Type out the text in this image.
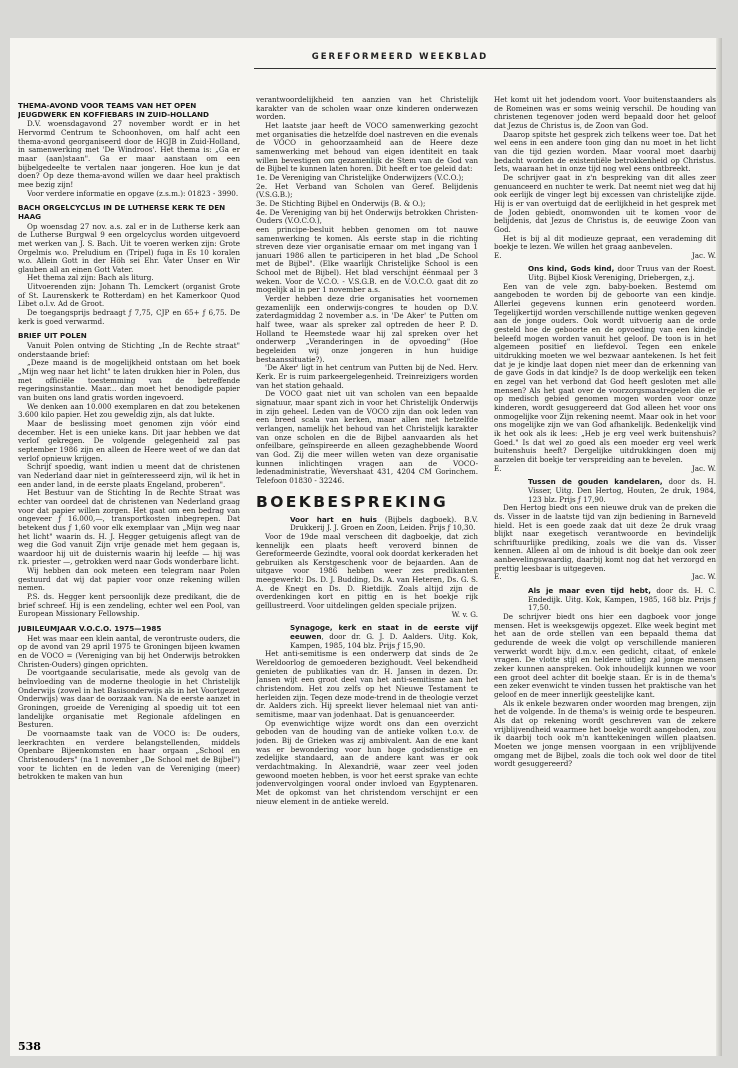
GEREFORMEERD WEEKBLAD
THEMA-AVOND VOOR TEAMS VAN HET OPEN JEUGDWERK EN KOFFIEBARS IN ZUID-HOLLAND

D.V. woensdagavond 27 november wordt er in het Hervormd Centrum te Schoonhoven, om half acht een thema-avond georganiseerd door de HGJB in Zuid-Holland, in samenwerking met 'De Windroos'. Het thema is: „Ga er maar (aan)staan". Ga er maar aanstaan om een bijbelgedeelte te vertalen naar jongeren. Hoe kun je dat doen? Op deze thema-avond willen we daar heel praktisch mee bezig zijn!

Voor verdere informatie en opgave (z.s.m.): 01823 - 3990.

BACH ORGELCYCLUS IN DE LUTHERSE KERK TE DEN HAAG

Op woensdag 27 nov. a.s. zal er in de Lutherse kerk aan de Lutherse Burgwal 9 een orgelcyclus worden uitgevoerd met werken van J. S. Bach. Uit te voeren werken zijn: Grote Orgelmis w.o. Preludium en (Tripel) fuga in Es 10 koralen w.o. Allein Gott in der Höh sei Ehr. Vater Unser en Wir glauben all an einen Gott Vater.

Het thema zal zijn: Bach als liturg.

Uitvoerenden zijn: Johann Th. Lemckert (organist Grote of St. Laurenskerk te Rotterdam) en het Kamerkoor Quod Libet o.l.v. Ad de Groot.

De toegangsprijs bedraagt ƒ 7,75, CJP en 65+ ƒ 6,75. De kerk is goed verwarmd.

BRIEF UIT POLEN

Vanuit Polen ontving de Stichting „In de Rechte straat" onderstaande brief:

„Deze maand is de mogelijkheid ontstaan om het boek „Mijn weg naar het licht" te laten drukken hier in Polen, dus met officiële toestemming van de betreffende regeringsinstantie. Maar... dan moet het benodigde papier van buiten ons land gratis worden ingevoerd.

We denken aan 10.000 exemplaren en dat zou betekenen 3.600 kilo papier. Het zou geweldig zijn, als dat lukte.

Maar de beslissing moet genomen zijn vóór eind december. Het is een unieke kans. Dit jaar hebben we dat verlof gekregen. De volgende gelegenheid zal pas september 1986 zijn en alleen de Heere weet of we dan dat verlof opnieuw krijgen.

Schrijf spoedig, want indien u meent dat de christenen van Nederland daar niet in geïnteresseerd zijn, wil ik het in een ander land, in de eerste plaats Engeland, proberen".

Het Bestuur van de Stichting In de Rechte Straat was echter van oordeel dat de christenen van Nederland graag voor dat papier willen zorgen. Het gaat om een bedrag van ongeveer ƒ 16.000,—, transportkosten inbegrepen. Dat betekent dus ƒ 1,60 voor elk exemplaar van „Mijn weg naar het licht" waarin ds. H. J. Hegger getuigenis aflegt van de weg die God vanuit Zijn vrije genade met hem gegaan is, waardoor hij uit de duisternis waarin hij leefde — hij was r.k. priester —, getrokken werd naar Gods wonderbare licht.

Wij hebben dan ook meteen een telegram naar Polen gestuurd dat wij dat papier voor onze rekening willen nemen.

P.S. ds. Hegger kent persoonlijk deze predikant, die de brief schreef. Hij is een zendeling, echter wel een Pool, van European Missionary Fellowship.

JUBILEUMJAAR V.O.C.O. 1975—1985

Het was maar een klein aantal, de verontruste ouders, die op de avond van 29 april 1975 te Groningen bijeen kwamen en de VOCO = (Vereniging van bij het Onderwijs betrokken Christen-Ouders) gingen oprichten.

De voortgaande secularisatie, mede als gevolg van de beïnvloeding van de moderne theologie in het Christelijk Onderwijs (zowel in het Basisonderwijs als in het Voortgezet Onderwijs) was daar de oorzaak van. Na de eerste aanzet in Groningen, groeide de Vereniging al spoedig uit tot een landelijke organisatie met Regionale afdelingen en Besturen.

De voornaamste taak van de VOCO is: De ouders, leerkrachten en verdere belangstellenden, middels Openbare Bijeenkomsten en haar orgaan „School en Christenouders" (na 1 november „De School met de Bijbel") voor te lichten en de leden van de Vereniging (meer) betrokken te maken van hun

verantwoordelijkheid ten aanzien van het Christelijk karakter van de scholen waar onze kinderen onderwezen worden.

Het laatste jaar heeft de VOCO samenwerking gezocht met organisaties die hetzelfde doel nastreven en die evenals de VOCO in gehoorzaamheid aan de Heere deze samenwerking met behoud van eigen identiteit en taak willen bevestigen om gezamenlijk de Stem van de God van de Bijbel te kunnen laten horen. Dit heeft er toe geleid dat:

1e. De Vereniging van Christelijke Onderwijzers (V.C.O.);
2e. Het Verband van Scholen van Geref. Belijdenis (V.S.G.B.);
3e. De Stichting Bijbel en Onderwijs (B. & O.);
4e. De Vereniging van bij het Onderwijs betrokken Christen-Ouders (V.O.C.O.),

een principe-besluit hebben genomen om tot nauwe samenwerking te komen. Als eerste stap in die richting streven deze vier organisatie ernaar om met ingang van 1 januari 1986 allen te participeren in het blad „De School met de Bijbel". (Elke waarlijk Christelijke School is een School met de Bijbel). Het blad verschijnt éénmaal per 3 weken. Voor de V.C.O. - V.S.G.B. en de V.O.C.O. gaat dit zo mogelijk al in per 1 november a.s.

Verder hebben deze drie organisaties het voornemen gezamenlijk een onderwijs-congres te houden op D.V. zaterdagmiddag 2 november a.s. in 'De Aker' te Putten om half twee, waar als spreker zal optreden de heer P. D. Holland te Heemstede waar hij zal spreken over het onderwerp „Veranderingen in de opvoeding" (Hoe begeleiden wij onze jongeren in hun huidige bestaanssituatie?).

'De Aker' ligt in het centrum van Putten bij de Ned. Herv. Kerk. Er is ruim parkeergelegenheid. Treinreizigers worden van het station gehaald.

De VOCO gaat niet uit van scholen van een bepaalde signatuur, maar spant zich in voor het Christelijk Onderwijs in zijn geheel. Leden van de VOCO zijn dan ook leden van een breed scala van kerken, maar allen met hetzelfde verlangen, namelijk het behoud van het Christelijk karakter van onze scholen en die de Bijbel aanvaarden als het onfeilbare, geïnspireerde en alleen gezaghebbende Woord van God. Zij die meer willen weten van deze organisatie kunnen inlichtingen vragen aan de VOCO-ledenadministratie, Wevershaat 431, 4204 CM Gorinchem. Telefoon 01830 - 32246.

BOEKBESPREKING

Voor hart en huis (Bijbels dagboek). B.V. Drukkerij J. J. Groen en Zoon, Leiden. Prijs ƒ 10,30.

Voor de 19de maal verscheen dit dagboekje, dat zich kennelijk een plaats heeft veroverd binnen de Gereformeerde Gezindte, vooral ook doordat kerkeraden het gebruiken als Kerstgeschenk voor de bejaarden. Aan de uitgave voor 1986 hebben weer zes predikanten meegewerkt: Ds. D. J. Budding, Ds. A. van Heteren, Ds. G. S. A. de Knegt en Ds. D. Rietdijk. Zoals altijd zijn de overdenkingen kort en pittig en is het boekje rijk geïllustreerd. Voor uitdelingen gelden speciale prijzen.

W. v. G.

Synagoge, kerk en staat in de eerste vijf eeuwen, door dr. G. J. D. Aalders. Uitg. Kok, Kampen, 1985, 104 blz. Prijs ƒ 15,90.

Het anti-semitisme is een onderwerp dat sinds de 2e Wereldoorlog de gemoederen bezighoudt. Veel bekendheid genieten de publikaties van dr. H. Jansen in dezen. Dr. Jansen wijt een groot deel van het anti-semitisme aan het christendom. Het zou zelfs op het Nieuwe Testament te herleiden zijn. Tegen deze mode-trend in de theologie verzet dr. Aalders zich. Hij spreekt liever helemaal niet van anti-semitisme, maar van jodenhaat. Dat is genuanceerder.

Op evenwichtige wijze wordt ons dan een overzicht geboden van de houding van de antieke volken t.o.v. de joden. Bij de Grieken was zij ambivalent. Aan de ene kant was er bewondering voor hun hoge godsdienstige en zedelijke standaard, aan de andere kant was er ook verdachtmaking. In Alexandrië, waar zeer veel joden gewoond moeten hebben, is voor het eerst sprake van echte jodenvervolgingen vooral onder invloed van Egyptenaren. Met de opkomst van het christendom verschijnt er een nieuw element in de antieke wereld.

Het komt uit het jodendom voort. Voor buitenstaanders als de Romeinen was er soms weinig verschil. De houding van christenen tegenover joden werd bepaald door het geloof dat Jezus de Christus is, de Zoon van God.

Daarop spitste het gesprek zich telkens weer toe. Dat het wel eens in een andere toon ging dan nu moet in het licht van die tijd gezien worden. Maar vooral moet daarbij bedacht worden de existentiële betrokkenheid op Christus. Iets, waaraan het in onze tijd nog wel eens ontbreekt.

De schrijver gaat in z'n bespreking van dit alles zeer genuanceerd en nuchter te werk. Dat neemt niet weg dat hij ook eerlijk de vinger legt bij excessen van christelijke zijde. Hij is er van overtuigd dat de eerlijkheid in het gesprek met de Joden gebiedt, onomwonden uit te komen voor de belijdenis, dat Jezus de Christus is, de eeuwige Zoon van God.

Het is bij al dit modieuze gepraat, een verademing dit boekje te lezen. We willen het graag aanbevelen.

E.	Jac. W.

Ons kind, Gods kind, door Truus van der Roest. Uitg. Bijbel Kiosk Vereniging, Driebergen, z.j.

Een van de vele zgn. baby-boeken. Bestemd om aangeboden te worden bij de geboorte van een kindje. Allerlei gegevens kunnen erin genoteerd worden. Tegelijkertijd worden verschillende nuttige wenken gegeven aan de jonge ouders. Ook wordt uitvoerig aan de orde gesteld hoe de geboorte en de opvoeding van een kindje beleefd mogen worden vanuit het geloof. De toon is in het algemeen positief en liefdevol. Tegen een enkele uitdrukking moeten we wel bezwaar aantekenen. Is het feit dat je je kindje laat dopen niet meer dan de erkenning van de gave Gods in dat kindje? Is de doop werkelijk een teken en zegel van het verbond dat God heeft gesloten met alle mensen? Als het gaat over de voorzorgsmaatregelen die er op medisch gebied genomen mogen worden voor onze kinderen, wordt gesuggereerd dat God alleen het voor ons onmogelijke voor Zijn rekening neemt. Maar ook in het voor ons mogelijke zijn we van God afhankelijk. Bedenkelijk vind ik het ook als ik lees: „Heb je erg veel werk buitenshuis? Goed." Is dat wel zo goed als een moeder erg veel werk buitenshuis heeft? Dergelijke uitdrukkingen doen mij aarzelen dit boekje ter verspreiding aan te bevelen.

E.	Jac. W.

Tussen de gouden kandelaren, door ds. H. Visser, Uitg. Den Hertog, Houten, 2e druk, 1984, 123 blz. Prijs ƒ 17,90.

Den Hertog biedt ons een nieuwe druk van de preken die ds. Visser in de laatste tijd van zijn bediening in Barneveld hield. Het is een goede zaak dat uit deze 2e druk vraag blijkt naar exegetisch verantwoorde en bevindelijk schriftuurlijke prediking, zoals we die van ds. Visser kennen. Alleen al om de inhoud is dit boekje dan ook zeer aanbevelingswaardig, daarbij komt nog dat het verzorgd en prettig leesbaar is uitgegeven.

E.	Jac. W.

Als je maar even tijd hebt, door ds. H. C. Endedijk. Uitg. Kok, Kampen, 1985, 168 blz. Prijs ƒ 17,50.

De schrijver biedt ons hier een dagboek voor jonge mensen. Het is weeksgewijs opgezet. Elke week begint met het aan de orde stellen van een bepaald thema dat gedurende de week die volgt op verschillende manieren verwerkt wordt bijv. d.m.v. een gedicht, citaat, of enkele vragen. De vlotte stijl en heldere uitleg zal jonge mensen zeker kunnen aanspreken. Ook inhoudelijk kunnen we voor een groot deel achter dit boekje staan. Er is in de thema's een zeker evenwicht te vinden tussen het praktische van het geloof en de meer innerlijk geestelijke kant.

Als ik enkele bezwaren onder woorden mag brengen, zijn het de volgende. In de thema's is weinig orde te bespeuren. Als dat op rekening wordt geschreven van de zekere vrijblijvendheid waarmee het boekje wordt aangeboden, zou ik daarbij toch ook m'n kanttekeningen willen plaatsen. Moeten we jonge mensen voorgaan in een vrijblijvende omgang met de Bijbel, zoals die toch ook wel door de titel wordt gesuggereerd?

538
